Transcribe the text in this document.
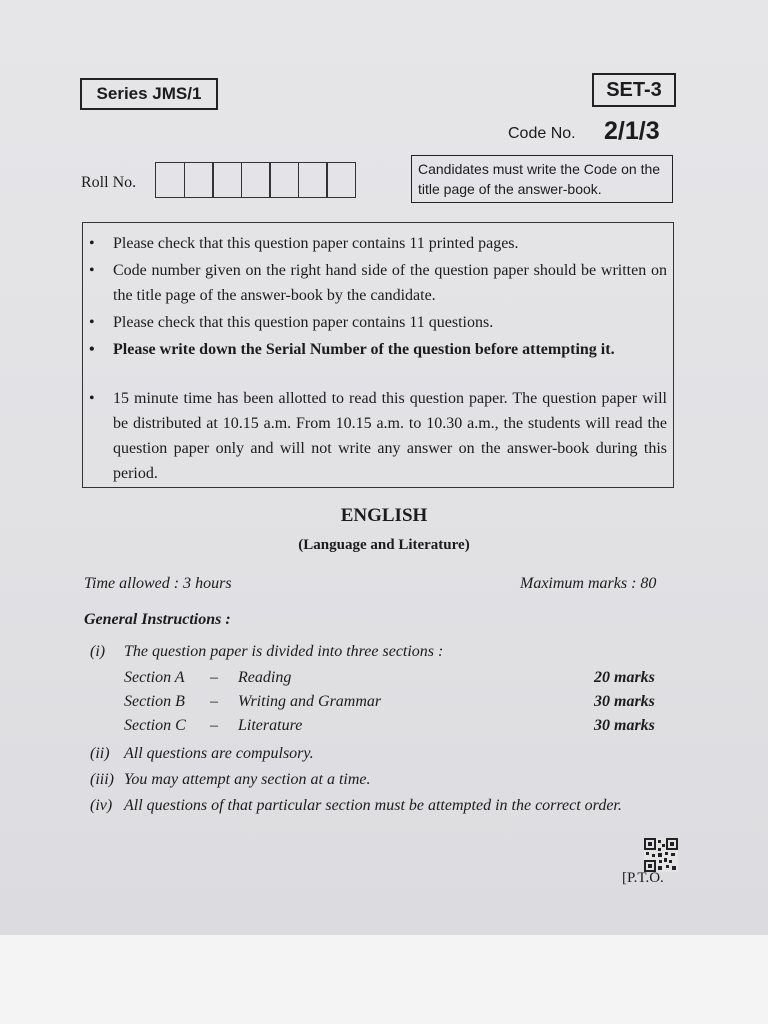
Series JMS/1	SET-3
Code No. 2/1/3
Candidates must write the Code on the title page of the answer-book.
Roll No.
• Please check that this question paper contains 11 printed pages.
• Code number given on the right hand side of the question paper should be written on the title page of the answer-book by the candidate.
• Please check that this question paper contains 11 questions.
• Please write down the Serial Number of the question before attempting it.
• 15 minute time has been allotted to read this question paper. The question paper will be distributed at 10.15 a.m. From 10.15 a.m. to 10.30 a.m., the students will read the question paper only and will not write any answer on the answer-book during this period.
ENGLISH
(Language and Literature)
Time allowed : 3 hours	Maximum marks : 80
General Instructions :
(i) The question paper is divided into three sections :
Section A – Reading	20 marks
Section B – Writing and Grammar	30 marks
Section C – Literature	30 marks
(ii) All questions are compulsory.
(iii) You may attempt any section at a time.
(iv) All questions of that particular section must be attempted in the correct order.
[P.T.O.
